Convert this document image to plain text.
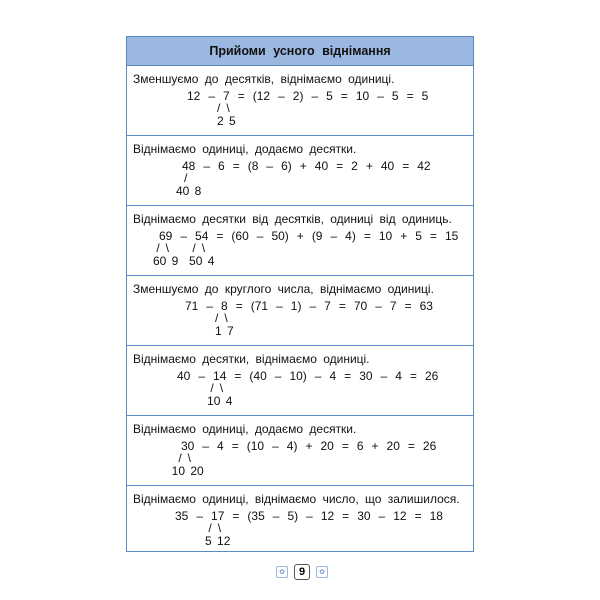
Прийоми усного віднімання
Зменшуємо до десятків, віднімаємо одиниці.
12 – 7
/\
2 5
= (12 – 2) – 5 = 10 – 5 = 5
Віднімаємо одиниці, додаємо десятки.
48
/
40 8
– 6 = (8 – 6) + 40 = 2 + 40 = 42
Віднімаємо десятки від десятків, одиниці від одиниць.
69
/\
60 9
– 54
/\
50 4
= (60 – 50) + (9 – 4) = 10 + 5 = 15
Зменшуємо до круглого числа, віднімаємо одиниці.
71 – 8
/\
1 7
= (71 – 1) – 7 = 70 – 7 = 63
Віднімаємо десятки, віднімаємо одиниці.
40 – 14
/\
10 4
= (40 – 10) – 4 = 30 – 4 = 26
Віднімаємо одиниці, додаємо десятки.
30
/\
10 20
– 4 = (10 – 4) + 20 = 6 + 20 = 26
Віднімаємо одиниці, віднімаємо число, що залишилося.
35 – 17
/\
5 12
= (35 – 5) – 12 = 30 – 12 = 18
✿	9	✿
